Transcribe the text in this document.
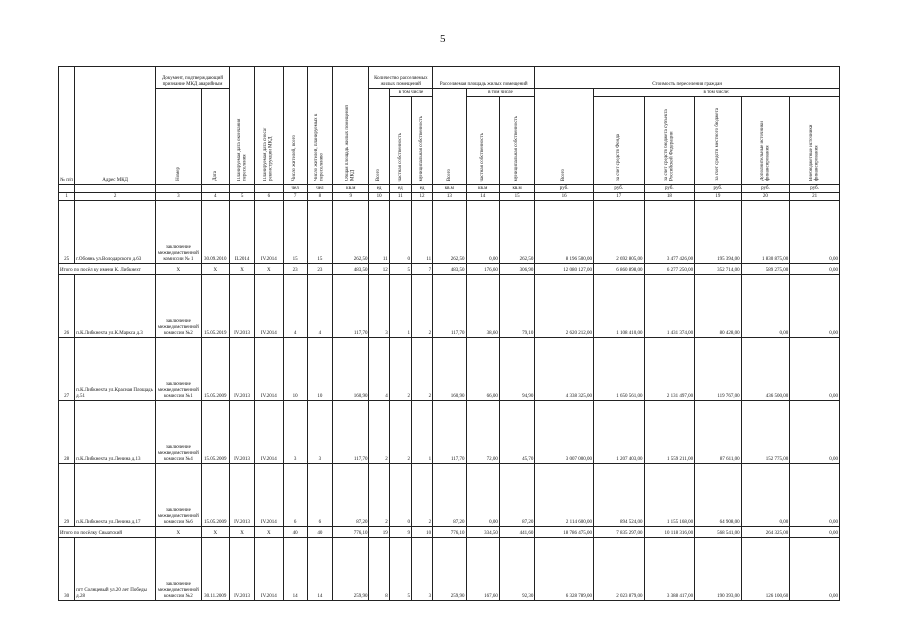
5
№ п/п	Адрес МКД	Документ, подтверждающий признание МКД аварийным		Планируемая дата окончания переселения	Планируемая дата сноса/ реконструкции МКД	Число жителей, всего	Число жителей, планируемых к переселению	Общая площадь жилых помещений МКД	Количество расселяемых жилых помещений			Расселяемая площадь жилых помещений			Стоимость переселения граждан					
		Номер	Дата						Всего	в том числе		Всего	в том числе		Всего	в том числе:				
										частная собственность	муниципальная собственность		частная собственность	муниципальная собственность		за счет средств Фонда	за счет средств бюджета субъекта Российской Федерации	за счет средств местного бюджета	Дополнительные источники финансирования	Внебюджетные источники финансирования
						чел	чел	кв.м	ед	ед	ед	кв.м	кв.м	кв.м	руб.	руб.	руб.	руб.	руб.	руб.
1	2	3	4	5	6	7	8	9	10	11	12	13	14	15	16	17	18	19	20	21
25	г.Обоянь ул.Володарского д.63	заключение межведомственной комиссии № 1	30.09.2010	II.2014	IV.2014	15	15	262,50	11	0	11	262,50	0,00	262,50	8 196 500,00	2 692 805,00	3 477 426,00	195 394,00	1 830 875,00	0,00
Итого по посёл ку имени К. Либкнехт		X	X	X	X	23	23	483,50	12	5	7	483,50	176,60	306,90	12 080 127,00	6 860 898,00	6 277 250,00	352 714,00	589 275,00	0,00
26	п.К.Либкнехта ул.К.Маркса д.3	заключение межведомственной комиссии №2	15.05.2019	IV.2013	IV.2014	4	4	117,70	3	1	2	117,70	38,60	79,10	2 620 212,00	1 108 410,00	1 431 374,00	80 428,00	0,00	0,00
27	п.К.Либкнехта ул.Красная Площадь д.51	заключение межведомственной комиссии №1	15.05.2009	IV.2013	IV.2014	10	10	160,90	4	2	2	160,90	66,00	94,90	4 338 325,00	1 650 561,00	2 131 497,00	119 767,00	436 500,00	0,00
28	п.К.Либкнехта ул.Ленина д.13	заключение межведомственной комиссии №4	15.05.2009	IV.2013	IV.2014	3	3	117,70	2	2	1	117,70	72,00	45,70	3 007 000,00	1 207 403,00	1 559 211,00	87 611,00	152 775,00	0,00
29	п.К.Либкнехта ул.Ленина д.17	заключение межведомственной комиссии №6	15.05.2009	IV.2013	IV.2014	6	6	87,20	2	0	2	87,20	0,00	87,20	2 114 600,00	894 524,00	1 155 168,00	64 908,00	0,00	0,00
Итого по посёлку Свыатский		X	X	X	X	40	40	776,10	19	9	10	776,10	334,50	441,60	18 786 475,00	7 835 297,00	10 118 316,00	568 541,00	264 325,00	0,00
30	пгт Солнцевый ул.20 лет Победы д.28	заключение межведомственной комиссии №2	30.11.2009	IV.2013	IV.2014	14	14	259,90	8	5	3	259,90	167,60	92,30	6 328 789,00	2 023 879,00	3 388 417,00	190 393,00	126 100,60	0,00
